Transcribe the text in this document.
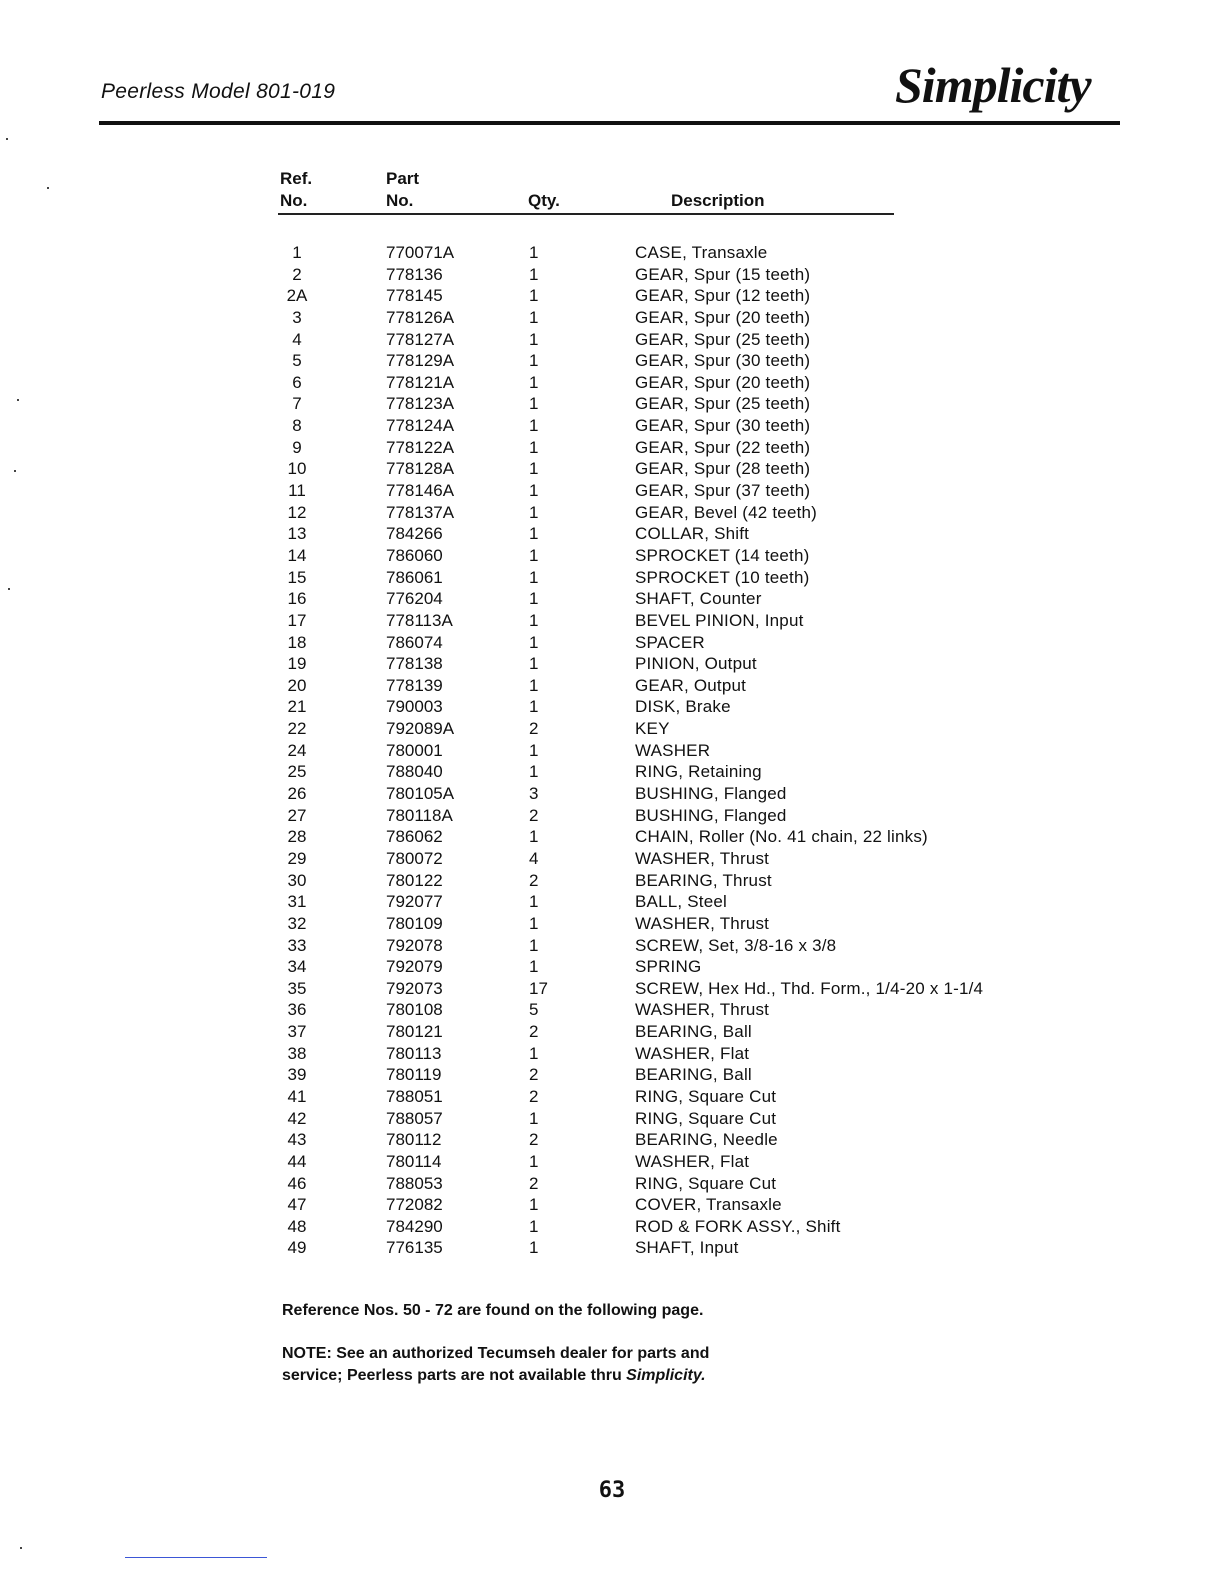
Peerless Model 801-019	Simplicity
Ref.
No.
Part
No.	Qty.	Description
1	770071A	1	CASE, Transaxle
2	778136	1	GEAR, Spur (15 teeth)
2A	778145	1	GEAR, Spur (12 teeth)
3	778126A	1	GEAR, Spur (20 teeth)
4	778127A	1	GEAR, Spur (25 teeth)
5	778129A	1	GEAR, Spur (30 teeth)
6	778121A	1	GEAR, Spur (20 teeth)
7	778123A	1	GEAR, Spur (25 teeth)
8	778124A	1	GEAR, Spur (30 teeth)
9	778122A	1	GEAR, Spur (22 teeth)
10	778128A	1	GEAR, Spur (28 teeth)
11	778146A	1	GEAR, Spur (37 teeth)
12	778137A	1	GEAR, Bevel (42 teeth)
13	784266	1	COLLAR, Shift
14	786060	1	SPROCKET (14 teeth)
15	786061	1	SPROCKET (10 teeth)
16	776204	1	SHAFT, Counter
17	778113A	1	BEVEL PINION, Input
18	786074	1	SPACER
19	778138	1	PINION, Output
20	778139	1	GEAR, Output
21	790003	1	DISK, Brake
22	792089A	2	KEY
24	780001	1	WASHER
25	788040	1	RING, Retaining
26	780105A	3	BUSHING, Flanged
27	780118A	2	BUSHING, Flanged
28	786062	1	CHAIN, Roller (No. 41 chain, 22 links)
29	780072	4	WASHER, Thrust
30	780122	2	BEARING, Thrust
31	792077	1	BALL, Steel
32	780109	1	WASHER, Thrust
33	792078	1	SCREW, Set, 3/8-16 x 3/8
34	792079	1	SPRING
35	792073	17	SCREW, Hex Hd., Thd. Form., 1/4-20 x 1-1/4
36	780108	5	WASHER, Thrust
37	780121	2	BEARING, Ball
38	780113	1	WASHER, Flat
39	780119	2	BEARING, Ball
41	788051	2	RING, Square Cut
42	788057	1	RING, Square Cut
43	780112	2	BEARING, Needle
44	780114	1	WASHER, Flat
46	788053	2	RING, Square Cut
47	772082	1	COVER, Transaxle
48	784290	1	ROD & FORK ASSY., Shift
49	776135	1	SHAFT, Input
Reference Nos. 50 - 72 are found on the following page.
NOTE: See an authorized Tecumseh dealer for parts and
service; Peerless parts are not available thru Simplicity.
63
